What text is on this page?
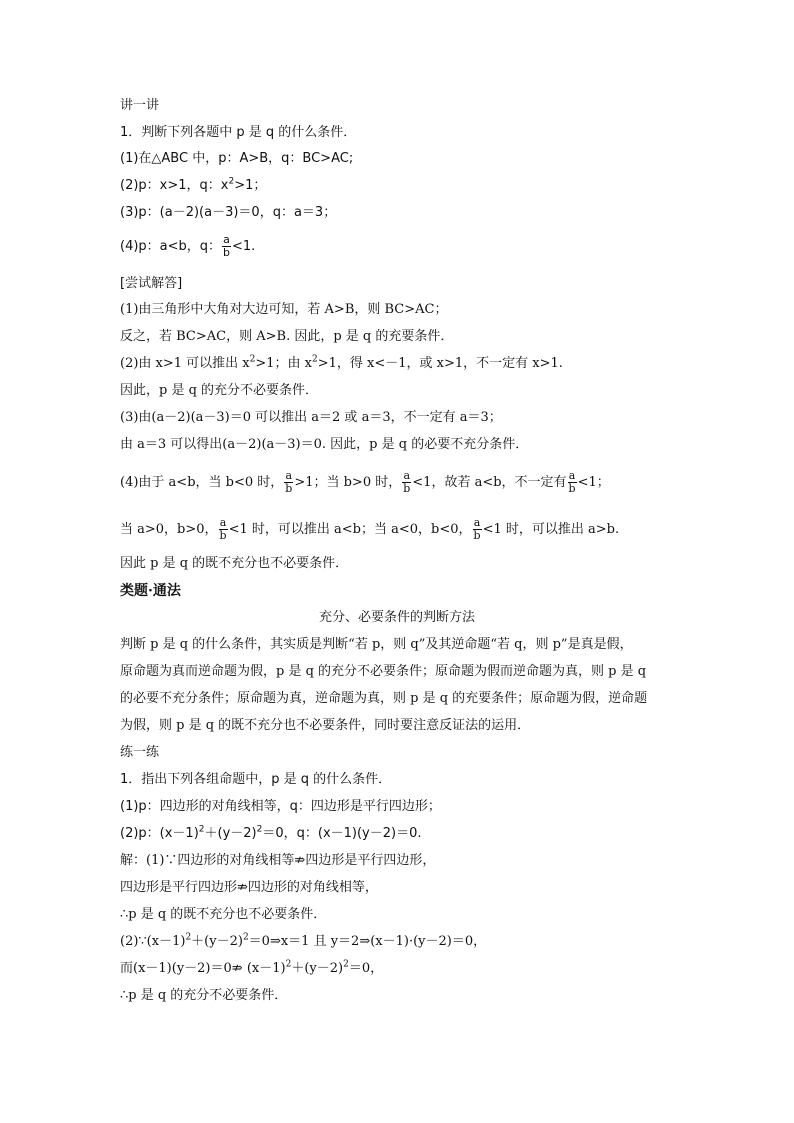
讲一讲
1．判断下列各题中 p 是 q 的什么条件．
(1)在△ABC 中，p：A>B，q：BC>AC;
(2)p：x>1，q：$x^2>1$；
(3)p：(a－2)(a－3)＝0，q：a＝3；
(4)p：a<b，q： $\frac{a}{b} <1$.
[尝试解答]
(1)由三角形中大角对大边可知，若 A>B，则 BC>AC；
反之，若 BC>AC，则 A>B. 因此，p 是 q 的充要条件．
(2)由 x>1 可以推出 $x^2>1$；由 $x^2>1$，得 x<－1，或 x>1，不一定有 x>1.
因此，p 是 q 的充分不必要条件．
(3)由(a－2)(a－3)＝0 可以推出 a＝2 或 a＝3，不一定有 a＝3；
由 a＝3 可以得出(a－2)(a－3)＝0. 因此，p 是 q 的必要不充分条件．
(4)由于 a<b，当 b<0 时， $\frac{a}{b} >1$；当 b>0 时， $\frac{a}{b} <1$，故若 a<b，不一定有 $\frac{a}{b} <1$；
当 a>0，b>0， $\frac{a}{b} <1$ 时，可以推出 a<b；当 a<0，b<0， $\frac{a}{b} <1$ 时，可以推出 a>b.
因此 p 是 q 的既不充分也不必要条件．
类题·通法
充分、必要条件的判断方法
判断 p 是 q 的什么条件，其实质是判断“若 p，则 q”及其逆命题“若 q，则 p”是真是假，
原命题为真而逆命题为假，p 是 q 的充分不必要条件；原命题为假而逆命题为真，则 p 是 q
的必要不充分条件；原命题为真，逆命题为真，则 p 是 q 的充要条件；原命题为假，逆命题
为假，则 p 是 q 的既不充分也不必要条件，同时要注意反证法的运用．
练一练
1．指出下列各组命题中，p 是 q 的什么条件．
(1)p：四边形的对角线相等，q：四边形是平行四边形；
(2)p：$(x-1)^2+(y-2)^2=0$，q：(x－1)(y－2)＝0.
解：(1)∵四边形的对角线相等⇏四边形是平行四边形，
四边形是平行四边形⇏四边形的对角线相等，
∴p 是 q 的既不充分也不必要条件．
$(2)\because(x-1)^2+(y-2)^2=0\Rightarrow x=1$ 且 y＝2⇒(x－1)·(y－2)＝0，
而(x－1)(y－2)＝0⇏ $(x-1)^2+(y-2)^2=0$，
∴p 是 q 的充分不必要条件．
